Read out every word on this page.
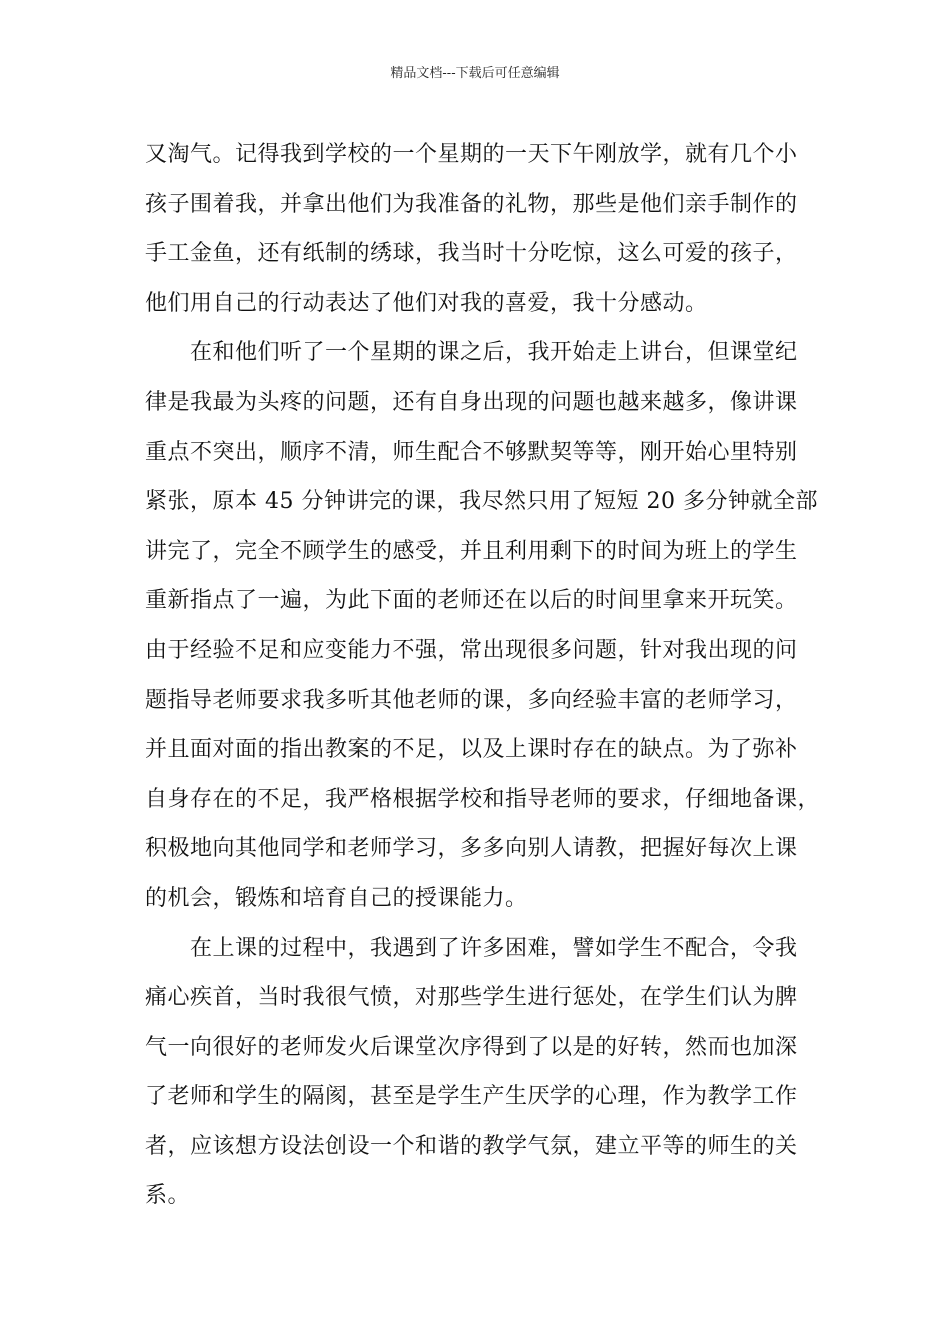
精品文档---下载后可任意编辑
又淘气。记得我到学校的一个星期的一天下午刚放学，就有几个小
孩子围着我，并拿出他们为我准备的礼物，那些是他们亲手制作的
手工金鱼，还有纸制的绣球，我当时十分吃惊，这么可爱的孩子，
他们用自己的行动表达了他们对我的喜爱，我十分感动。
　　在和他们听了一个星期的课之后，我开始走上讲台，但课堂纪
律是我最为头疼的问题，还有自身出现的问题也越来越多，像讲课
重点不突出，顺序不清，师生配合不够默契等等，刚开始心里特别
紧张，原本 45 分钟讲完的课，我尽然只用了短短 20 多分钟就全部
讲完了，完全不顾学生的感受，并且利用剩下的时间为班上的学生
重新指点了一遍，为此下面的老师还在以后的时间里拿来开玩笑。
由于经验不足和应变能力不强，常出现很多问题，针对我出现的问
题指导老师要求我多听其他老师的课，多向经验丰富的老师学习，
并且面对面的指出教案的不足，以及上课时存在的缺点。为了弥补
自身存在的不足，我严格根据学校和指导老师的要求，仔细地备课，
积极地向其他同学和老师学习，多多向别人请教，把握好每次上课
的机会，锻炼和培育自己的授课能力。
　　在上课的过程中，我遇到了许多困难，譬如学生不配合，令我
痛心疾首，当时我很气愤，对那些学生进行惩处，在学生们认为脾
气一向很好的老师发火后课堂次序得到了以是的好转，然而也加深
了老师和学生的隔阂，甚至是学生产生厌学的心理，作为教学工作
者，应该想方设法创设一个和谐的教学气氛，建立平等的师生的关
系。
